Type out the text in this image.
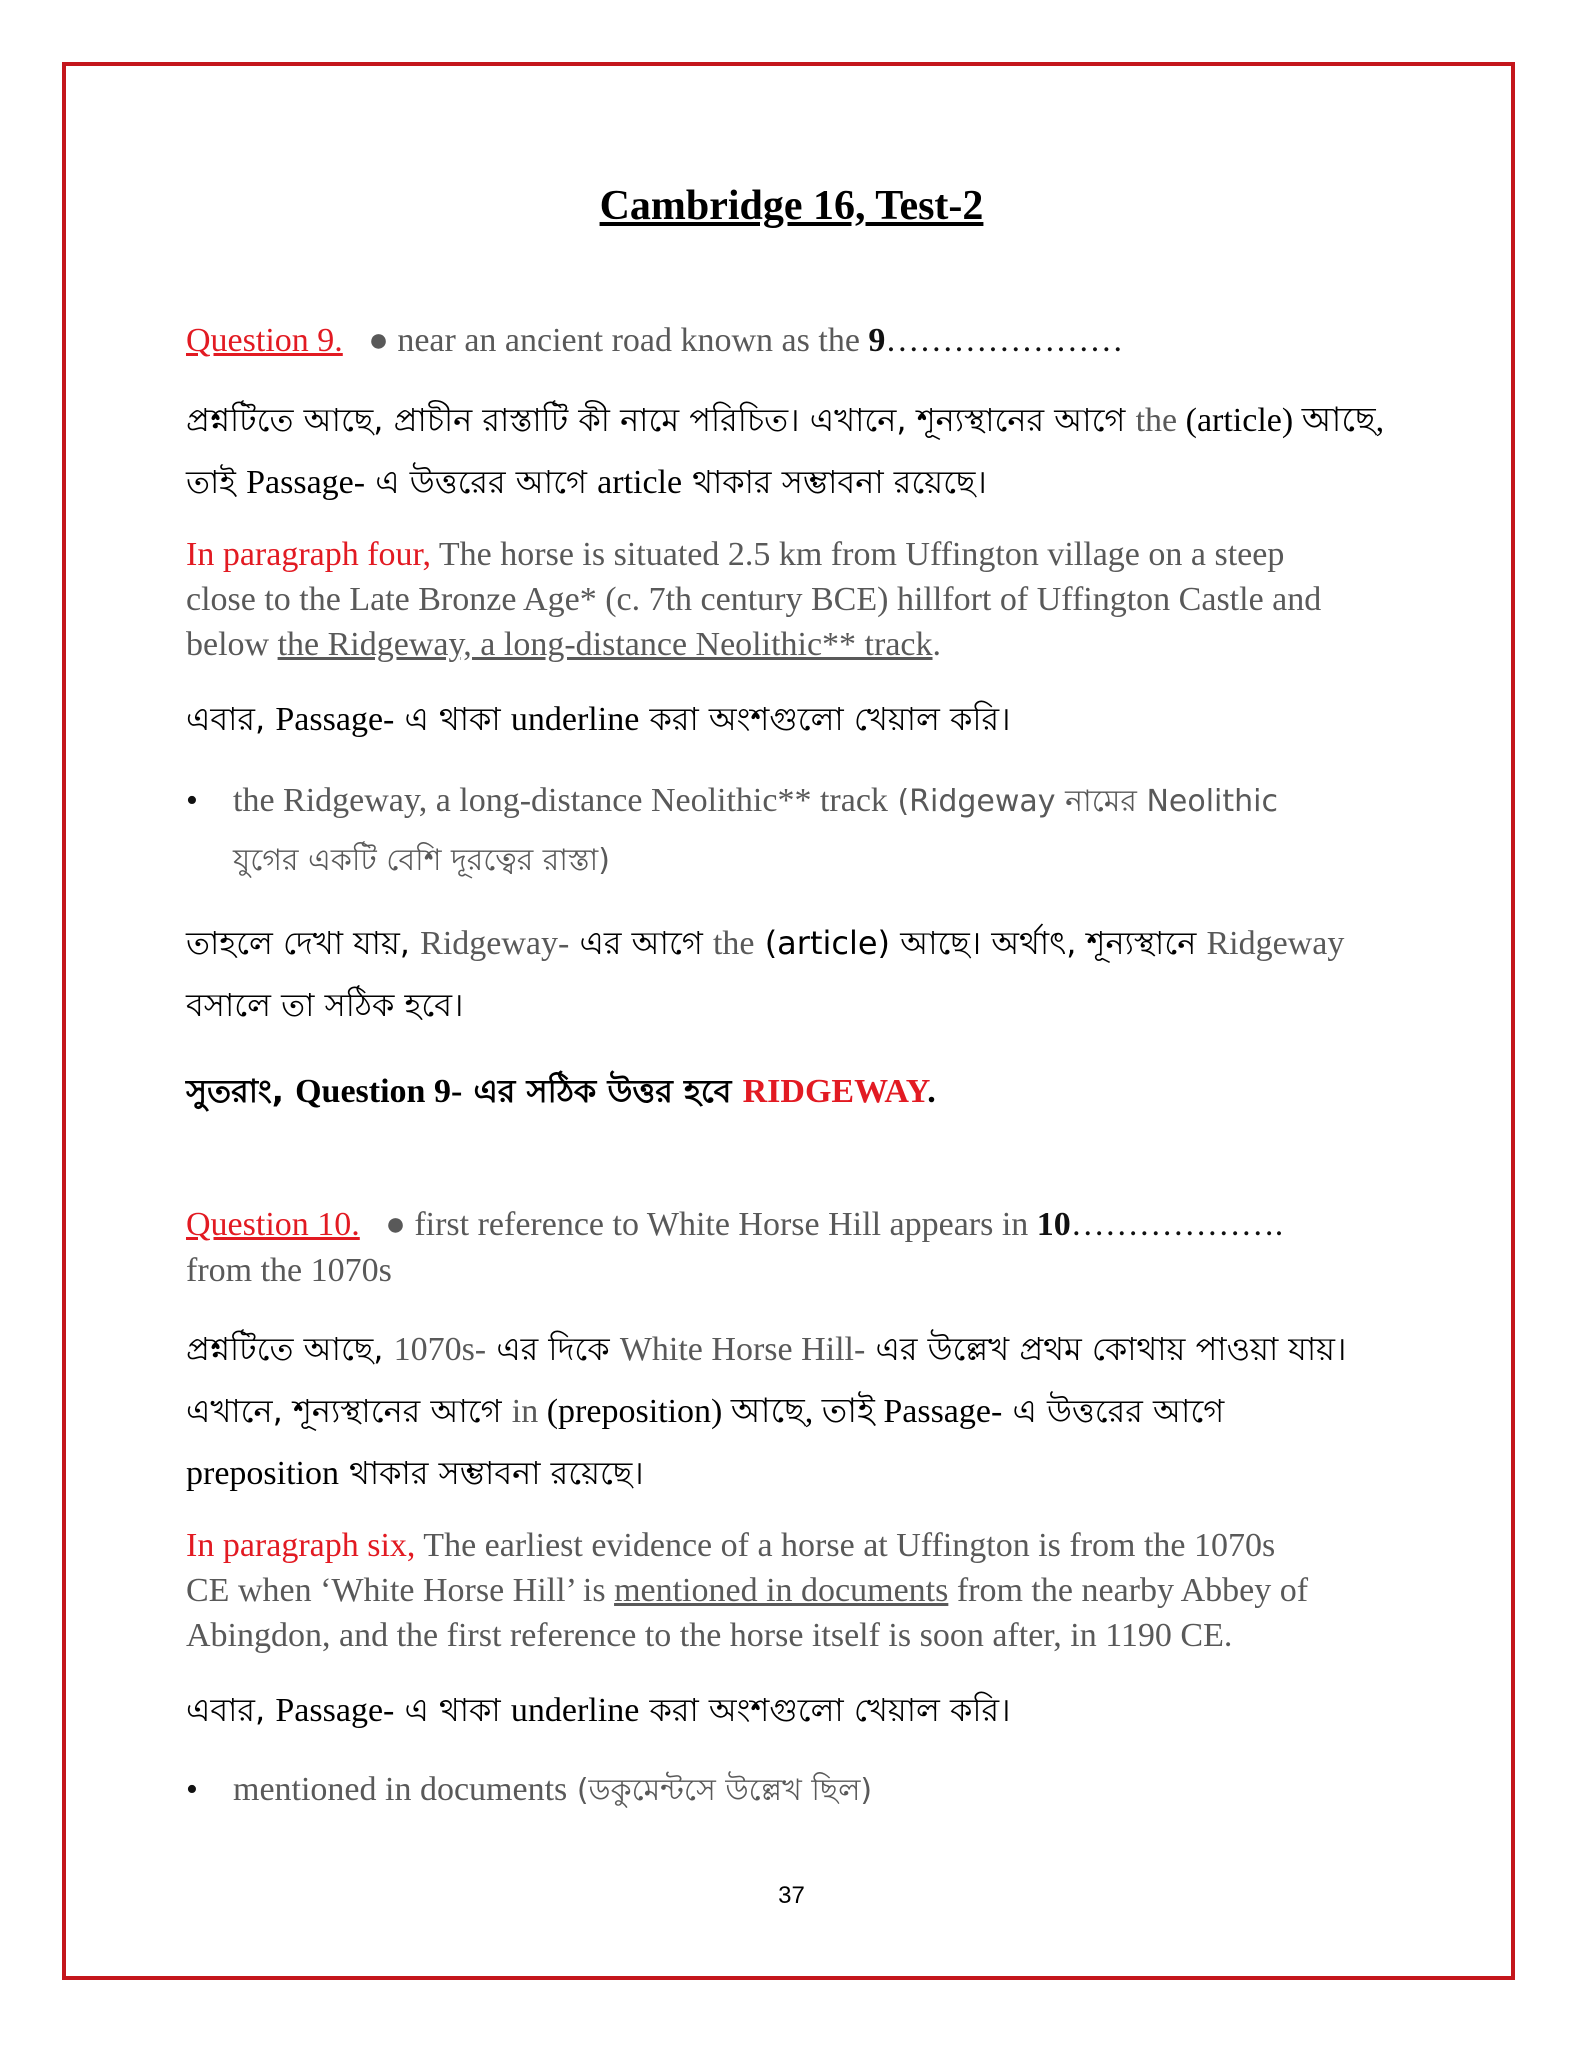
Cambridge 16, Test-2
Question 9. ● near an ancient road known as the 9…………………
প্রশ্নটিতে আছে, প্রাচীন রাস্তাটি কী নামে পরিচিত। এখানে, শূন্যস্থানের আগে the (article) আছে,
তাই Passage- এ উত্তরের আগে article থাকার সম্ভাবনা রয়েছে।
In paragraph four, The horse is situated 2.5 km from Uffington village on a steep
close to the Late Bronze Age* (c. 7th century BCE) hillfort of Uffington Castle and
below the Ridgeway, a long-distance Neolithic** track.
এবার, Passage- এ থাকা underline করা অংশগুলো খেয়াল করি।
• the Ridgeway, a long-distance Neolithic** track (Ridgeway নামের Neolithic
যুগের একটি বেশি দূরত্বের রাস্তা)
তাহলে দেখা যায়, Ridgeway- এর আগে the (article) আছে। অর্থাৎ, শূন্যস্থানে Ridgeway
বসালে তা সঠিক হবে।
সুতরাং, Question 9- এর সঠিক উত্তর হবে RIDGEWAY.
Question 10. ● first reference to White Horse Hill appears in 10……………….
from the 1070s
প্রশ্নটিতে আছে, 1070s- এর দিকে White Horse Hill- এর উল্লেখ প্রথম কোথায় পাওয়া যায়।
এখানে, শূন্যস্থানের আগে in (preposition) আছে, তাই Passage- এ উত্তরের আগে
preposition থাকার সম্ভাবনা রয়েছে।
In paragraph six, The earliest evidence of a horse at Uffington is from the 1070s
CE when ‘White Horse Hill’ is mentioned in documents from the nearby Abbey of
Abingdon, and the first reference to the horse itself is soon after, in 1190 CE.
এবার, Passage- এ থাকা underline করা অংশগুলো খেয়াল করি।
• mentioned in documents (ডকুমেন্টসে উল্লেখ ছিল)
37
